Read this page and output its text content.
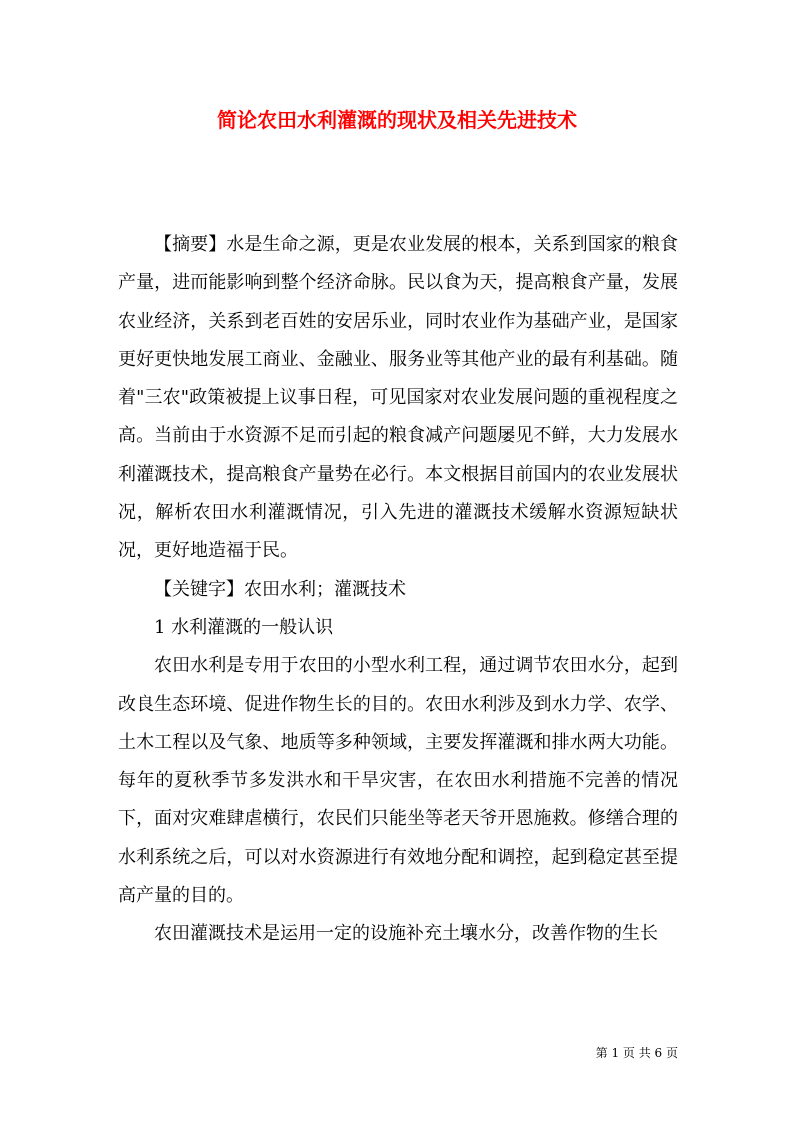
简论农田水利灌溉的现状及相关先进技术

【摘要】水是生命之源，更是农业发展的根本，关系到国家的粮食产量，进而能影响到整个经济命脉。民以食为天，提高粮食产量，发展农业经济，关系到老百姓的安居乐业，同时农业作为基础产业，是国家更好更快地发展工商业、金融业、服务业等其他产业的最有利基础。随着"三农"政策被提上议事日程，可见国家对农业发展问题的重视程度之高。当前由于水资源不足而引起的粮食减产问题屡见不鲜，大力发展水利灌溉技术，提高粮食产量势在必行。本文根据目前国内的农业发展状况，解析农田水利灌溉情况，引入先进的灌溉技术缓解水资源短缺状况，更好地造福于民。

【关键字】农田水利；灌溉技术

1 水利灌溉的一般认识

农田水利是专用于农田的小型水利工程，通过调节农田水分，起到改良生态环境、促进作物生长的目的。农田水利涉及到水力学、农学、土木工程以及气象、地质等多种领域，主要发挥灌溉和排水两大功能。每年的夏秋季节多发洪水和干旱灾害，在农田水利措施不完善的情况下，面对灾难肆虐横行，农民们只能坐等老天爷开恩施救。修缮合理的水利系统之后，可以对水资源进行有效地分配和调控，起到稳定甚至提高产量的目的。

农田灌溉技术是运用一定的设施补充土壤水分，改善作物的生长

第 1 页 共 6 页
